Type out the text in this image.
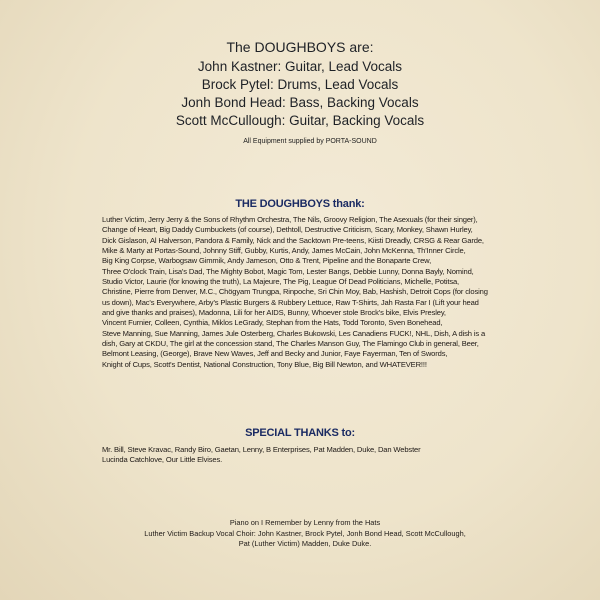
The DOUGHBOYS are:
John Kastner: Guitar, Lead Vocals
Brock Pytel: Drums, Lead Vocals
Jonh Bond Head: Bass, Backing Vocals
Scott McCullough: Guitar, Backing Vocals
All Equipment supplied by PORTA-SOUND
THE DOUGHBOYS thank:
Luther Victim, Jerry Jerry & the Sons of Rhythm Orchestra, The Nils, Groovy Religion, The Asexuals (for their singer),
Change of Heart, Big Daddy Cumbuckets (of course), Dethtoll, Destructive Criticism, Scary, Monkey, Shawn Hurley,
Dick Gislason, Al Halverson, Pandora & Family, Nick and the Sacktown Pre-teens, Kiisti Dreadly, CRSG & Rear Garde,
Mike & Marty at Portas-Sound, Johnny Stiff, Gubby, Kurtis, Andy, James McCain, John McKenna, Th'Inner Circle,
Big King Corpse, Warbogsaw Gimmik, Andy Jameson, Otto & Trent, Pipeline and the Bonaparte Crew,
Three O'clock Train, Lisa's Dad, The Mighty Bobot, Magic Tom, Lester Bangs, Debbie Lunny, Donna Bayly, Nomind,
Studio Victor, Laurie (for knowing the truth), La Majeure, The Pig, League Of Dead Politicians, Michelle, Potitsa,
Christine, Pierre from Denver, M.C., Chögyam Trungpa, Rinpoche, Sri Chin Moy, Bab, Hashish, Detroit Cops (for closing
us down), Mac's Everywhere, Arby's Plastic Burgers & Rubbery Lettuce, Raw T-Shirts, Jah Rasta Far I (Lift your head
and give thanks and praises), Madonna, Lili for her AIDS, Bunny, Whoever stole Brock's bike, Elvis Presley,
Vincent Furnier, Colleen, Cynthia, Miklos LeGrady, Stephan from the Hats, Todd Toronto, Sven Bonehead,
Steve Manning, Sue Manning, James Jule Osterberg, Charles Bukowski, Les Canadiens FUCK!, NHL, Dish, A dish is a
dish, Gary at CKDU, The girl at the concession stand, The Charles Manson Guy, The Flamingo Club in general, Beer,
Belmont Leasing, (George), Brave New Waves, Jeff and Becky and Junior, Faye Fayerman, Ten of Swords,
Knight of Cups, Scott's Dentist, National Construction, Tony Blue, Big Bill Newton, and WHATEVER!!!
SPECIAL THANKS to:
Mr. Bill, Steve Kravac, Randy Biro, Gaetan, Lenny, B Enterprises, Pat Madden, Duke, Dan Webster
Lucinda Catchlove, Our Little Elvises.
Piano on I Remember by Lenny from the Hats
Luther Victim Backup Vocal Choir: John Kastner, Brock Pytel, Jonh Bond Head, Scott McCullough,
Pat (Luther Victim) Madden, Duke Duke.
